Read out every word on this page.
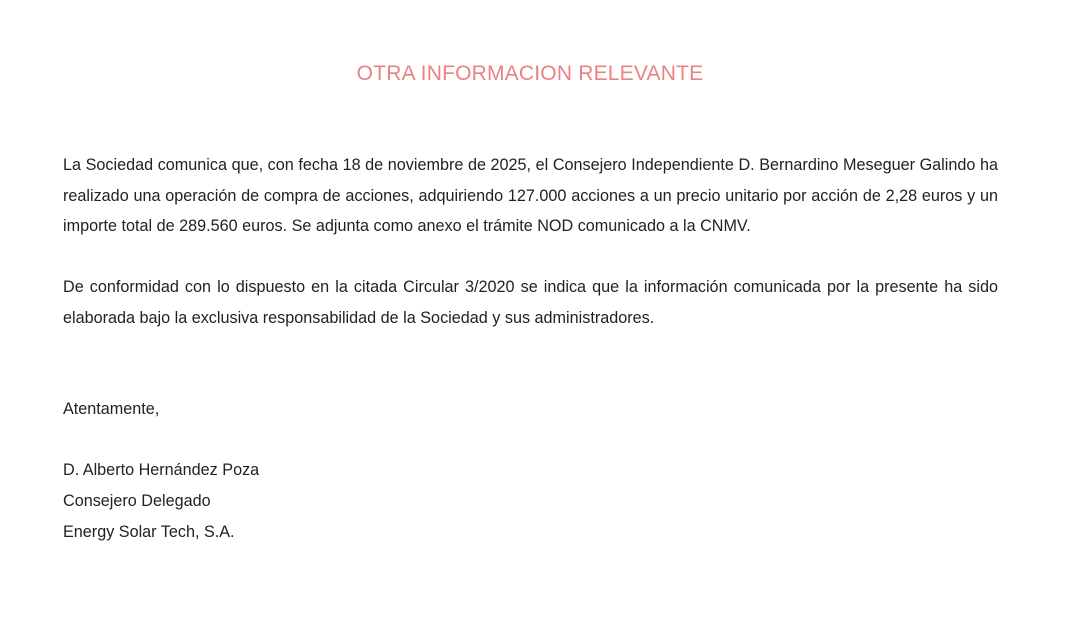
OTRA INFORMACION RELEVANTE

La Sociedad comunica que, con fecha 18 de noviembre de 2025, el Consejero Independiente D. Bernardino Meseguer Galindo ha realizado una operación de compra de acciones, adquiriendo 127.000 acciones a un precio unitario por acción de 2,28 euros y un importe total de 289.560 euros. Se adjunta como anexo el trámite NOD comunicado a la CNMV.

De conformidad con lo dispuesto en la citada Circular 3/2020 se indica que la información comunicada por la presente ha sido elaborada bajo la exclusiva responsabilidad de la Sociedad y sus administradores.

Atentamente,

D. Alberto Hernández Poza

Consejero Delegado

Energy Solar Tech, S.A.
